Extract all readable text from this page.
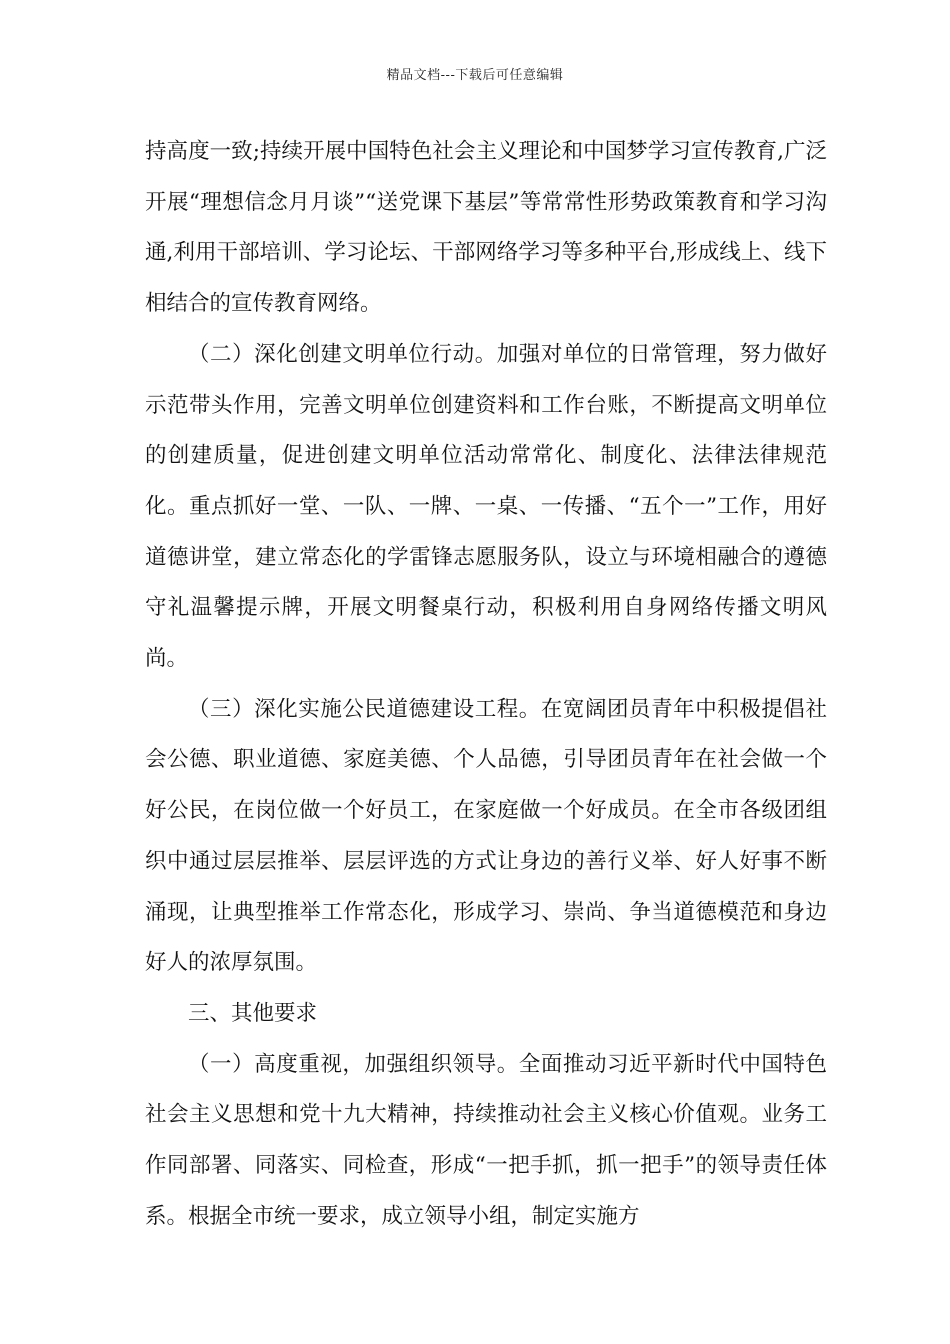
精品文档---下载后可任意编辑

持高度一致;持续开展中国特色社会主义理论和中国梦学习宣传教育,广泛开展“理想信念月月谈”“送党课下基层”等常常性形势政策教育和学习沟通,利用干部培训、学习论坛、干部网络学习等多种平台,形成线上、线下相结合的宣传教育网络。

（二）深化创建文明单位行动。加强对单位的日常管理，努力做好示范带头作用，完善文明单位创建资料和工作台账，不断提高文明单位的创建质量，促进创建文明单位活动常常化、制度化、法律法律规范化。重点抓好一堂、一队、一牌、一桌、一传播、“五个一”工作，用好道德讲堂，建立常态化的学雷锋志愿服务队，设立与环境相融合的遵德守礼温馨提示牌，开展文明餐桌行动，积极利用自身网络传播文明风尚。

（三）深化实施公民道德建设工程。在宽阔团员青年中积极提倡社会公德、职业道德、家庭美德、个人品德，引导团员青年在社会做一个好公民，在岗位做一个好员工，在家庭做一个好成员。在全市各级团组织中通过层层推举、层层评选的方式让身边的善行义举、好人好事不断涌现，让典型推举工作常态化，形成学习、崇尚、争当道德模范和身边好人的浓厚氛围。

三、其他要求

（一）高度重视，加强组织领导。全面推动习近平新时代中国特色社会主义思想和党十九大精神，持续推动社会主义核心价值观。业务工作同部署、同落实、同检查，形成“一把手抓，抓一把手”的领导责任体系。根据全市统一要求，成立领导小组，制定实施方
